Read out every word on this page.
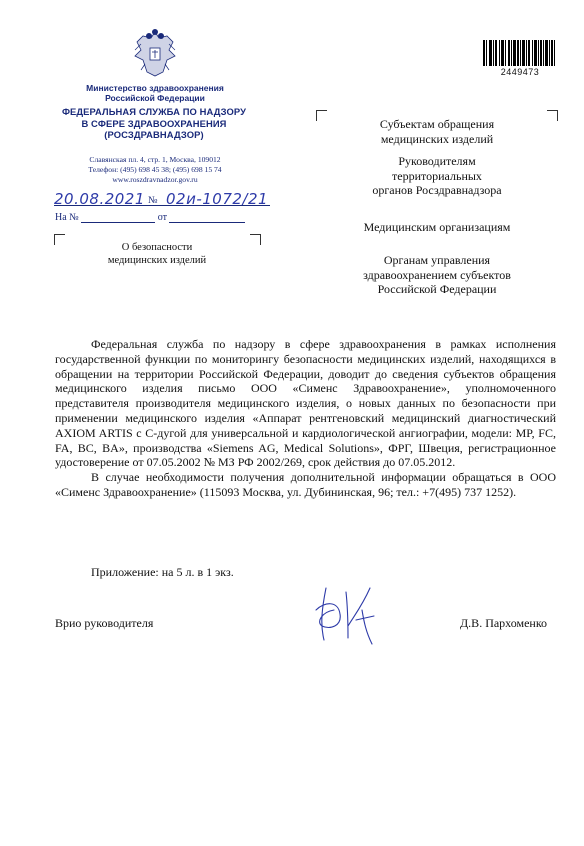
Министерство здравоохранения
Российской Федерации
ФЕДЕРАЛЬНАЯ СЛУЖБА ПО НАДЗОРУ
В СФЕРЕ ЗДРАВООХРАНЕНИЯ
(РОСЗДРАВНАДЗОР)
Славянская пл. 4, стр. 1, Москва, 109012
Телефон: (495) 698 45 38; (495) 698 15 74
www.roszdravnadzor.gov.ru
20.08.2021 № 02и-1072/21
На №	от
О безопасности
медицинских изделий
2449473
Субъектам обращения
медицинских изделий
Руководителям
территориальных
органов Росздравнадзора
Медицинским организациям
Органам управления
здравоохранением субъектов
Российской Федерации

Федеральная служба по надзору в сфере здравоохранения в рамках исполнения государственной функции по мониторингу безопасности медицинских изделий, находящихся в обращении на территории Российской Федерации, доводит до сведения субъектов обращения медицинского изделия письмо ООО «Сименс Здравоохранение», уполномоченного представителя производителя медицинского изделия, о новых данных по безопасности при применении медицинского изделия «Аппарат рентгеновский медицинский диагностический AXIOM ARTIS с С-дугой для универсальной и кардиологической ангиографии, модели: MP, FC, FA, BC, BA», производства «Siemens AG, Medical Solutions», ФРГ, Швеция, регистрационное удостоверение от 07.05.2002 № МЗ РФ 2002/269, срок действия до 07.05.2012.

В случае необходимости получения дополнительной информации обращаться в ООО «Сименс Здравоохранение» (115093 Москва, ул. Дубининская, 96; тел.: +7(495) 737 1252).

Приложение: на 5 л. в 1 экз.
Врио руководителя	Д.В. Пархоменко
